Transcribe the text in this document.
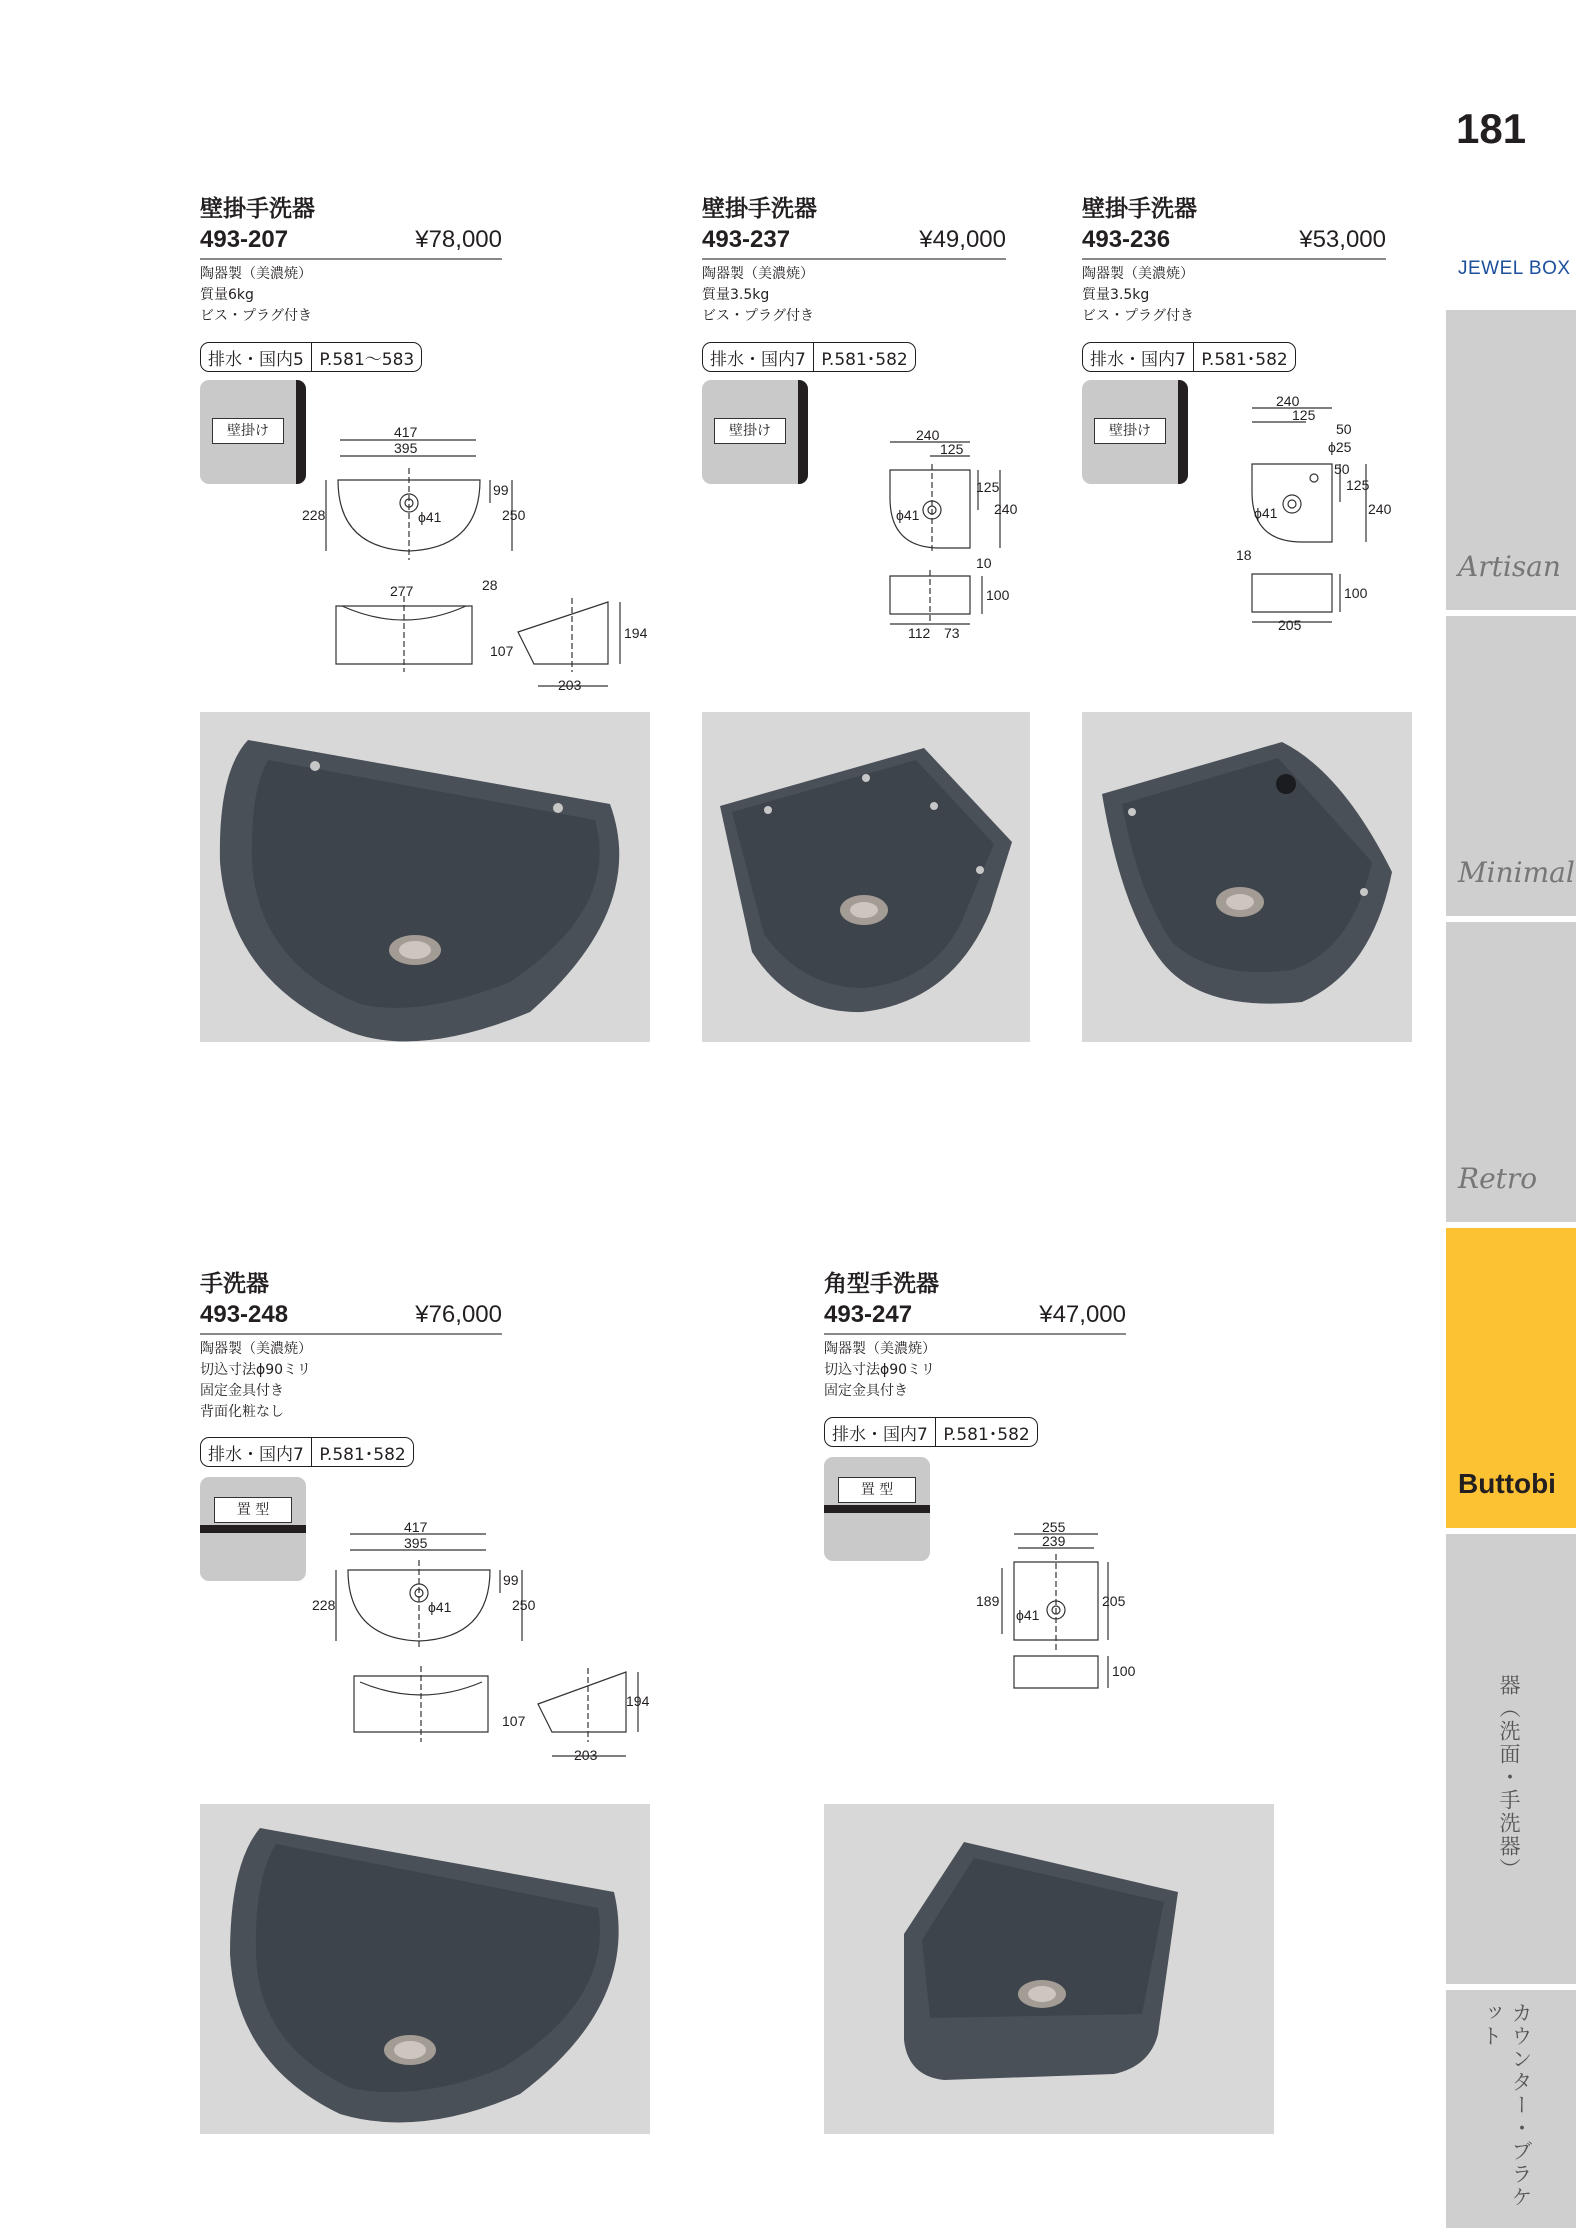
181
JEWEL BOX
Artisan
Minimal
Retro
Buttobi
器（洗面・手洗器）
カウンター・ブラケット
壁掛手洗器
493-207	¥78,000
陶器製（美濃焼）
質量6kg
ビス・プラグ付き
排水・国内5 P.581〜583
壁掛け	417
395
99
250
228	ϕ41
277	28
107
194
203
壁掛手洗器
493-237	¥49,000
陶器製（美濃焼）
質量3.5kg
ビス・プラグ付き
排水・国内7 P.581･582
壁掛け	240
125
125
240
ϕ41
10
100
112 73
壁掛手洗器
493-236	¥53,000
陶器製（美濃焼）
質量3.5kg
ビス・プラグ付き
排水・国内7 P.581･582
壁掛け
240
125
50
ϕ25
50
125
240
ϕ41
18
100
205
手洗器
493-248	¥76,000
陶器製（美濃焼）
切込寸法ϕ90ミリ
固定金具付き
背面化粧なし
排水・国内7 P.581･582
置 型
417
395
99
250
228	ϕ41
107
194
203
角型手洗器
493-247	¥47,000
陶器製（美濃焼）
切込寸法ϕ90ミリ
固定金具付き
排水・国内7 P.581･582
置 型
255
239
189	205
ϕ41
100
